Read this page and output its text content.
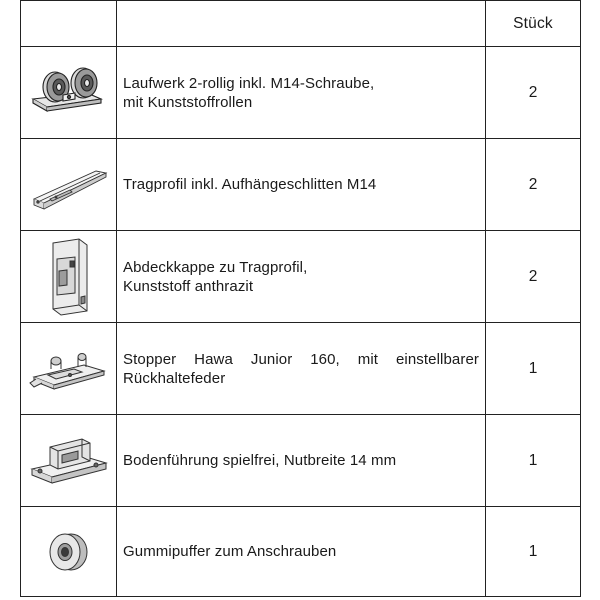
		Stück

Laufwerk 2-rollig inkl. M14-Schraube,
mit Kunststoffrollen	2

Tragprofil inkl. Aufhängeschlitten M14	2

Abdeckkappe zu Tragprofil,
Kunststoff anthrazit	2

Stopper Hawa Junior 160, mit einstellbarer
Rückhaltefeder	1

Bodenführung spielfrei, Nutbreite 14 mm	1

Gummipuffer zum Anschrauben	1
